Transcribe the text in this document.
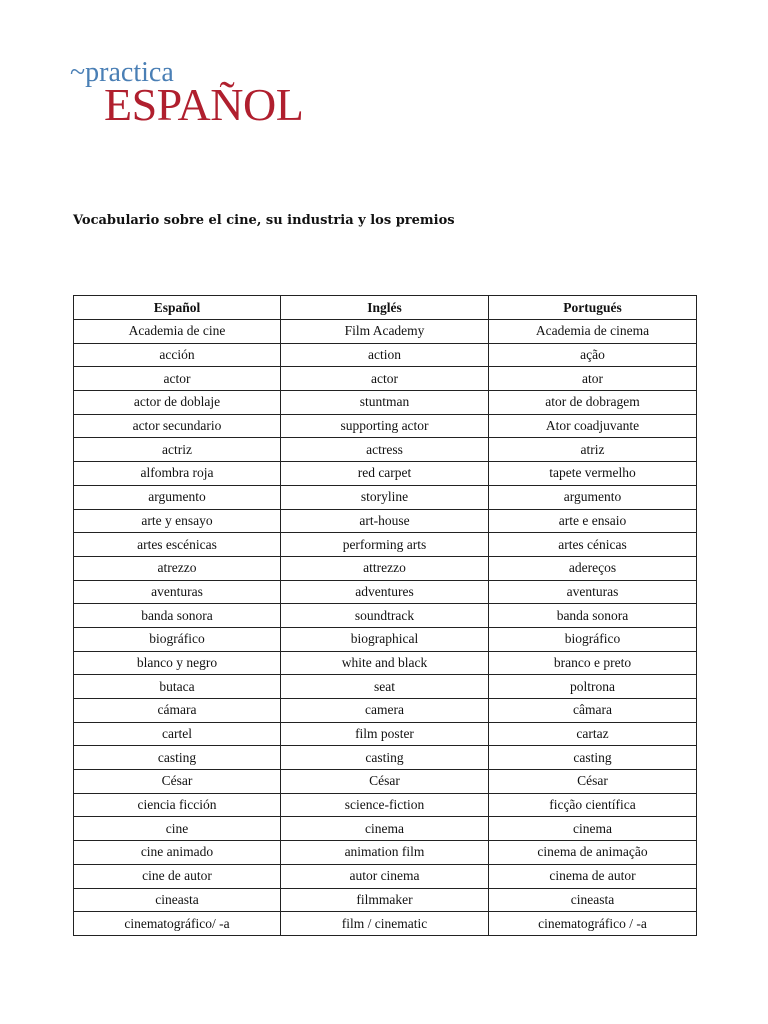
~practica
ESPAÑOL
Vocabulario sobre el cine, su industria y los premios
Español	Inglés	Portugués
Academia de cine	Film Academy	Academia de cinema
acción	action	ação
actor	actor	ator
actor de doblaje	stuntman	ator de dobragem
actor secundario	supporting actor	Ator coadjuvante
actriz	actress	atriz
alfombra roja	red carpet	tapete vermelho
argumento	storyline	argumento
arte y ensayo	art-house	arte e ensaio
artes escénicas	performing arts	artes cénicas
atrezzo	attrezzo	adereços
aventuras	adventures	aventuras
banda sonora	soundtrack	banda sonora
biográfico	biographical	biográfico
blanco y negro	white and black	branco e preto
butaca	seat	poltrona
cámara	camera	câmara
cartel	film poster	cartaz
casting	casting	casting
César	César	César
ciencia ficción	science-fiction	ficção científica
cine	cinema	cinema
cine animado	animation film	cinema de animação
cine de autor	autor cinema	cinema de autor
cineasta	filmmaker	cineasta
cinematográfico/ -a	film / cinematic	cinematográfico / -a
